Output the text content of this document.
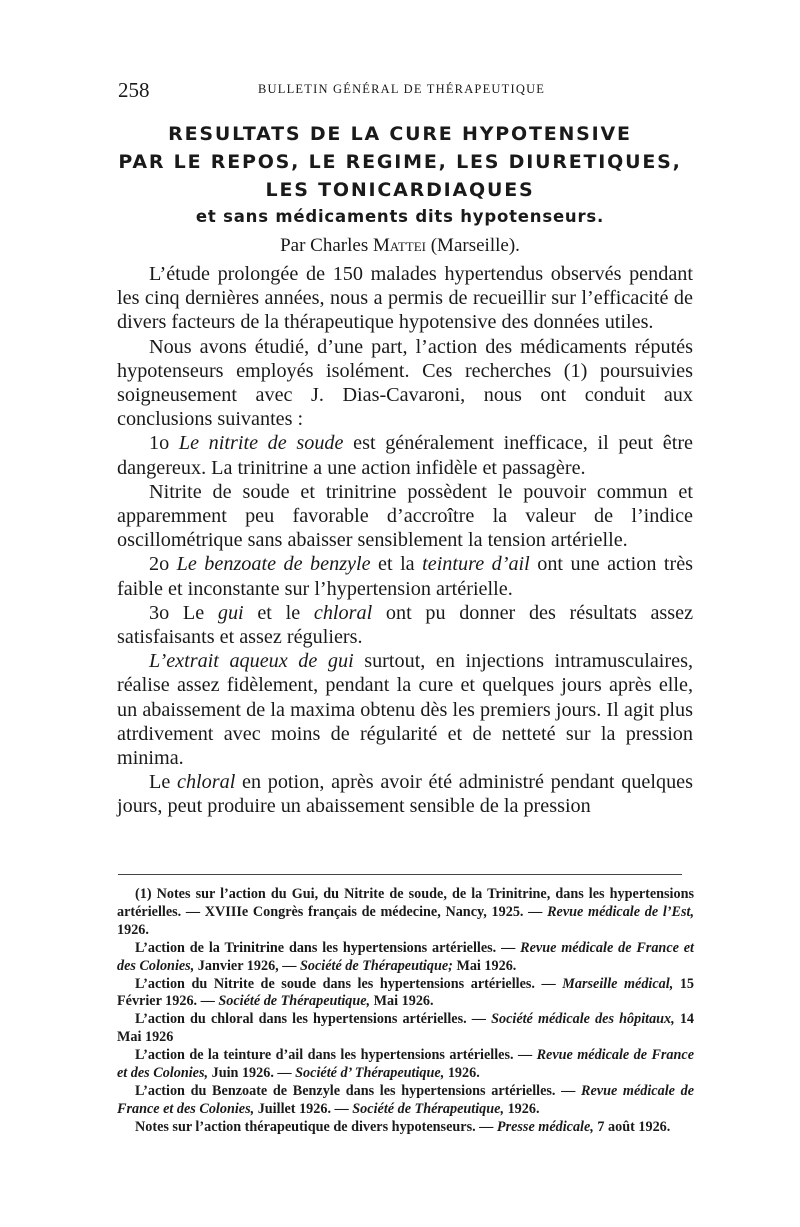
258	BULLETIN GÉNÉRAL DE THÉRAPEUTIQUE

RESULTATS DE LA CURE HYPOTENSIVE

PAR LE REPOS, LE REGIME, LES DIURETIQUES,

LES TONICARDIAQUES

et sans médicaments dits hypotenseurs.

Par Charles Mattei (Marseille).

L’étude prolongée de 150 malades hypertendus observés pendant les cinq dernières années, nous a permis de recueillir sur l’efficacité de divers facteurs de la thérapeutique hypotensive des données utiles.

Nous avons étudié, d’une part, l’action des médicaments réputés hypotenseurs employés isolément. Ces recherches (1) poursuivies soigneusement avec J. Dias-Cavaroni, nous ont conduit aux conclusions suivantes :

1o Le nitrite de soude est généralement inefficace, il peut être dangereux. La trinitrine a une action infidèle et passagère.

Nitrite de soude et trinitrine possèdent le pouvoir commun et apparemment peu favorable d’accroître la valeur de l’indice oscillométrique sans abaisser sensiblement la tension artérielle.

2o Le benzoate de benzyle et la teinture d’ail ont une action très faible et inconstante sur l’hypertension artérielle.

3o Le gui et le chloral ont pu donner des résultats assez satisfaisants et assez réguliers.

L’extrait aqueux de gui surtout, en injections intramusculaires, réalise assez fidèlement, pendant la cure et quelques jours après elle, un abaissement de la maxima obtenu dès les premiers jours. Il agit plus atrdivement avec moins de régularité et de netteté sur la pression minima.

Le chloral en potion, après avoir été administré pendant quelques jours, peut produire un abaissement sensible de la pression

(1) Notes sur l’action du Gui, du Nitrite de soude, de la Trinitrine, dans les hypertensions artérielles. — XVIIIe Congrès français de médecine, Nancy, 1925. — Revue médicale de l’Est, 1926.

L’action de la Trinitrine dans les hypertensions artérielles. — Revue médicale de France et des Colonies, Janvier 1926, — Société de Thérapeutique; Mai 1926.

L’action du Nitrite de soude dans les hypertensions artérielles. — Marseille médical, 15 Février 1926. — Société de Thérapeutique, Mai 1926.

L’action du chloral dans les hypertensions artérielles. — Société médicale des hôpitaux, 14 Mai 1926

L’action de la teinture d’ail dans les hypertensions artérielles. — Revue médicale de France et des Colonies, Juin 1926. — Société d’ Thérapeutique, 1926.

L’action du Benzoate de Benzyle dans les hypertensions artérielles. — Revue médicale de France et des Colonies, Juillet 1926. — Société de Thérapeutique, 1926.

Notes sur l’action thérapeutique de divers hypotenseurs. — Presse médicale, 7 août 1926.
